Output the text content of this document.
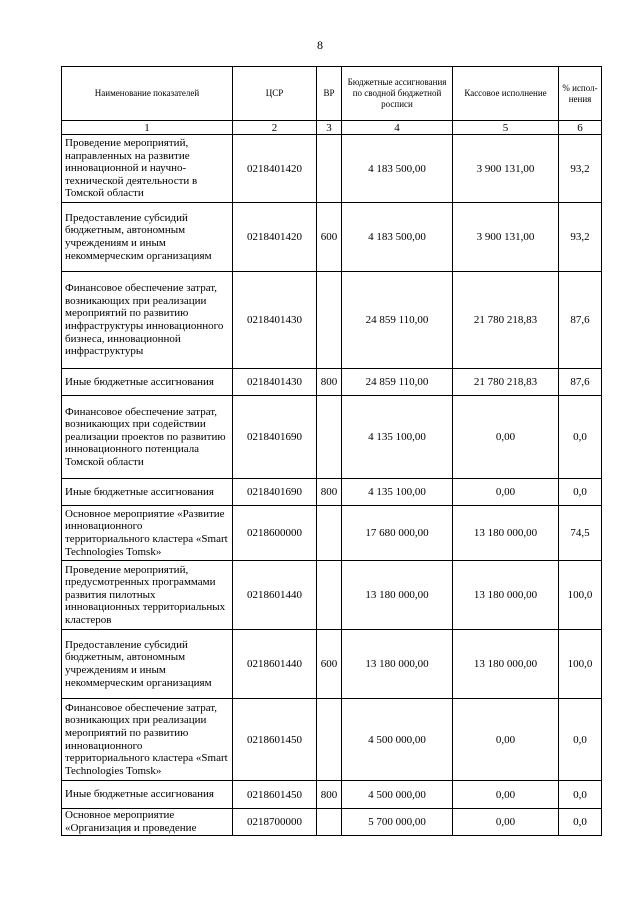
8
Наименование показателей	ЦСР	ВР	Бюджетные ассигнования по сводной бюджетной росписи	Кассовое исполнение	% испол-нения
1	2	3	4	5	6
Проведение мероприятий, направленных на развитие инновационной и научно-технической деятельности в Томской области	0218401420		4 183 500,00	3 900 131,00	93,2
Предоставление субсидий бюджетным, автономным учреждениям и иным некоммерческим организациям	0218401420	600	4 183 500,00	3 900 131,00	93,2
Финансовое обеспечение затрат, возникающих при реализации мероприятий по развитию инфраструктуры инновационного бизнеса, инновационной инфраструктуры	0218401430		24 859 110,00	21 780 218,83	87,6
Иные бюджетные ассигнования	0218401430	800	24 859 110,00	21 780 218,83	87,6
Финансовое обеспечение затрат, возникающих при содействии реализации проектов по развитию инновационного потенциала Томской области	0218401690		4 135 100,00	0,00	0,0
Иные бюджетные ассигнования	0218401690	800	4 135 100,00	0,00	0,0
Основное мероприятие «Развитие инновационного территориального кластера «Smart Technologies Tomsk»	0218600000		17 680 000,00	13 180 000,00	74,5
Проведение мероприятий, предусмотренных программами развития пилотных инновационных территориальных кластеров	0218601440		13 180 000,00	13 180 000,00	100,0
Предоставление субсидий бюджетным, автономным учреждениям и иным некоммерческим организациям	0218601440	600	13 180 000,00	13 180 000,00	100,0
Финансовое обеспечение затрат, возникающих при реализации мероприятий по развитию инновационного территориального кластера «Smart Technologies Tomsk»	0218601450		4 500 000,00	0,00	0,0
Иные бюджетные ассигнования	0218601450	800	4 500 000,00	0,00	0,0
Основное мероприятие «Организация и проведение	0218700000		5 700 000,00	0,00	0,0
